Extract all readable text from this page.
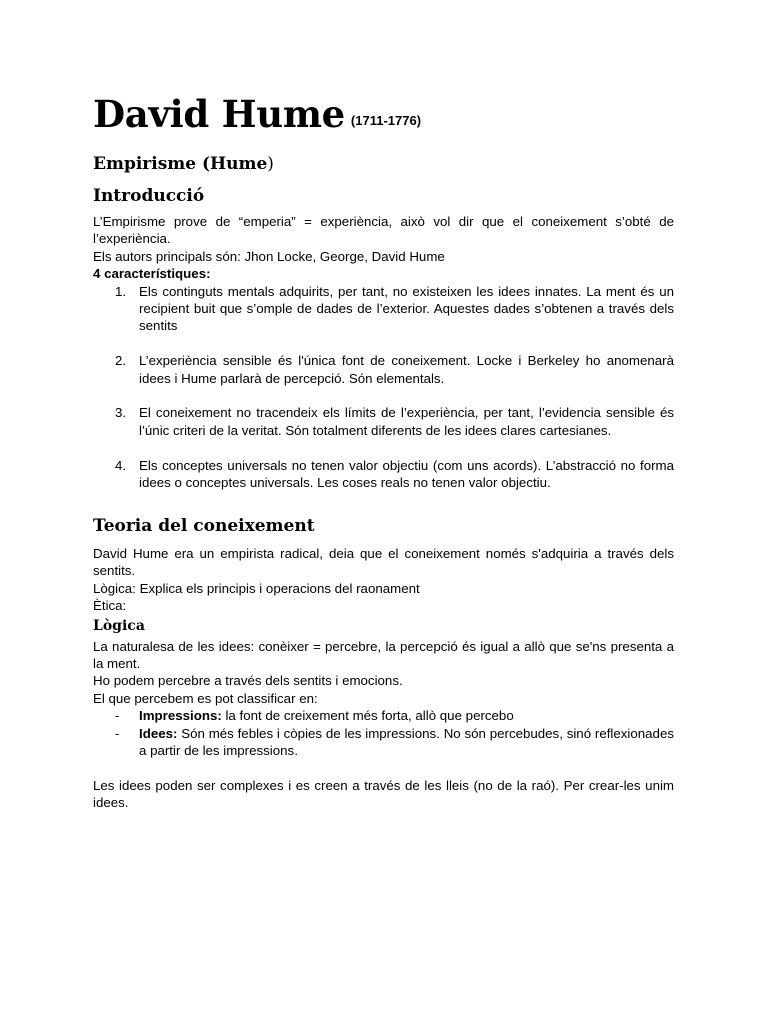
David Hume (1711-1776)

Empirisme (Hume)

Introducció

L’Empirisme prove de “emperia” = experiència, això vol dir que el coneixement s’obté de l’experiència.

Els autors principals són: Jhon Locke, George, David Hume

4 característiques:

1. Els continguts mentals adquirits, per tant, no existeixen les idees innates. La ment és un recipient buit que s’omple de dades de l’exterior. Aquestes dades s’obtenen a través dels sentits
2. L’experiència sensible és l'única font de coneixement. Locke i Berkeley ho anomenarà idees i Hume parlarà de percepció. Són elementals.
3. El coneixement no tracendeix els límits de l’experiència, per tant, l’evidencia sensible és l’únic criteri de la veritat. Són totalment diferents de les idees clares cartesianes.
4. Els conceptes universals no tenen valor objectiu (com uns acords). L’abstracció no forma idees o conceptes universals. Les coses reals no tenen valor objectiu.

Teoria del coneixement

David Hume era un empirista radical, deia que el coneixement només s'adquiria a través dels sentits.

Lògica: Explica els principis i operacions del raonament

Ètica:

Lògica

La naturalesa de les idees: conèixer = percebre, la percepció és igual a allò que se'ns presenta a la ment.

Ho podem percebre a través dels sentits i emocions.

El que percebem es pot classificar en:

- Impressions: la font de creixement més forta, allò que percebo
- Idees: Són més febles i còpies de les impressions. No són percebudes, sinó reflexionades a partir de les impressions.

Les idees poden ser complexes i es creen a través de les lleis (no de la raó). Per crear-les unim idees.
